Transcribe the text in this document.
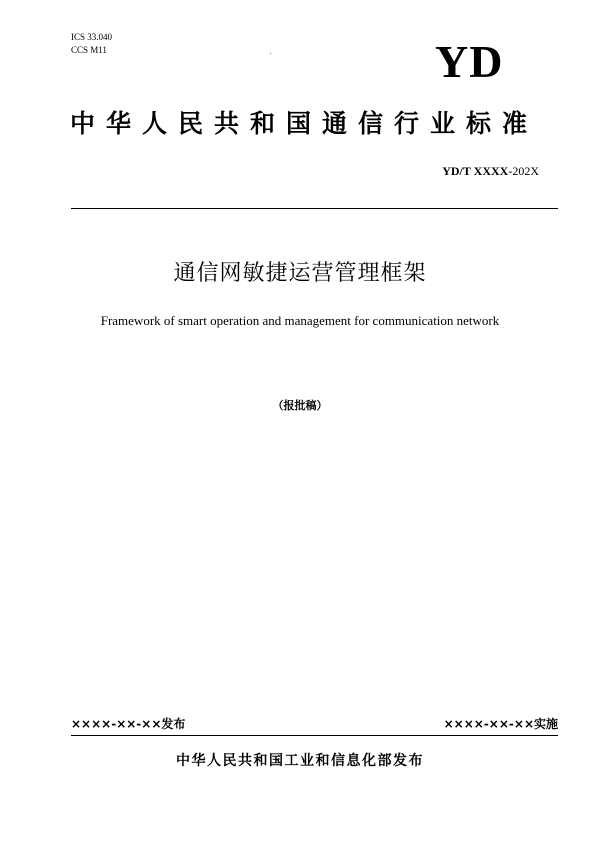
ICS 33.040
CCS M11	YD
中华人民共和国通信行业标准
YD/T XXXX-202X
通信网敏捷运营管理框架
Framework of smart operation and management for communication network
（报批稿）
××××-××-××发布	××××-××-××实施
中华人民共和国工业和信息化部发布
